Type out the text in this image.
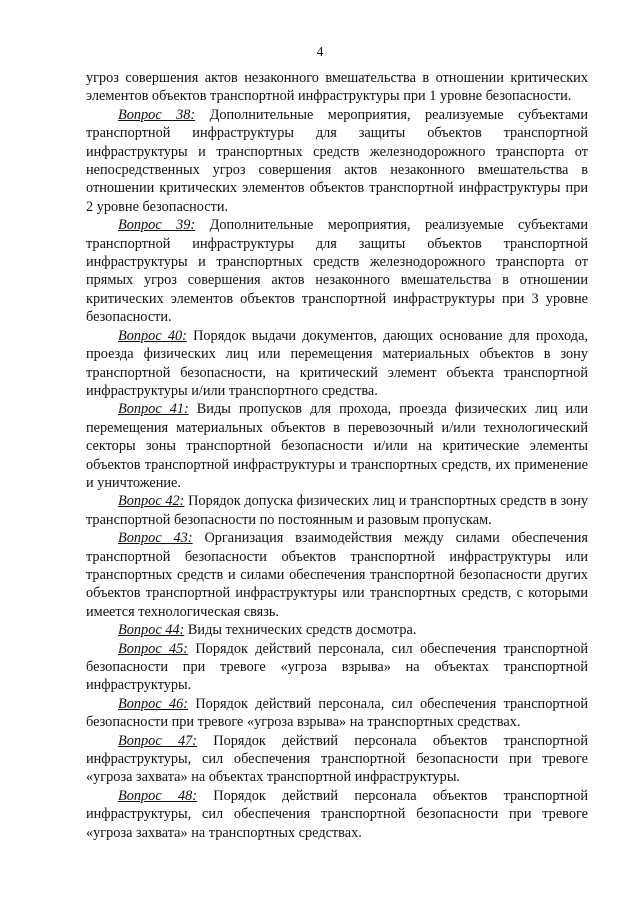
4

угроз совершения актов незаконного вмешательства в отношении критических элементов объектов транспортной инфраструктуры при 1 уровне безопасности.

Вопрос 38: Дополнительные мероприятия, реализуемые субъектами транспортной инфраструктуры для защиты объектов транспортной инфраструктуры и транспортных средств железнодорожного транспорта от непосредственных угроз совершения актов незаконного вмешательства в отношении критических элементов объектов транспортной инфраструктуры при 2 уровне безопасности.

Вопрос 39: Дополнительные мероприятия, реализуемые субъектами транспортной инфраструктуры для защиты объектов транспортной инфраструктуры и транспортных средств железнодорожного транспорта от прямых угроз совершения актов незаконного вмешательства в отношении критических элементов объектов транспортной инфраструктуры при 3 уровне безопасности.

Вопрос 40: Порядок выдачи документов, дающих основание для прохода, проезда физических лиц или перемещения материальных объектов в зону транспортной безопасности, на критический элемент объекта транспортной инфраструктуры и/или транспортного средства.

Вопрос 41: Виды пропусков для прохода, проезда физических лиц или перемещения материальных объектов в перевозочный и/или технологический секторы зоны транспортной безопасности и/или на критические элементы объектов транспортной инфраструктуры и транспортных средств, их применение и уничтожение.

Вопрос 42: Порядок допуска физических лиц и транспортных средств в зону транспортной безопасности по постоянным и разовым пропускам.

Вопрос 43: Организация взаимодействия между силами обеспечения транспортной безопасности объектов транспортной инфраструктуры или транспортных средств и силами обеспечения транспортной безопасности других объектов транспортной инфраструктуры или транспортных средств, с которыми имеется технологическая связь.

Вопрос 44: Виды технических средств досмотра.

Вопрос 45: Порядок действий персонала, сил обеспечения транспортной безопасности при тревоге «угроза взрыва» на объектах транспортной инфраструктуры.

Вопрос 46: Порядок действий персонала, сил обеспечения транспортной безопасности при тревоге «угроза взрыва» на транспортных средствах.

Вопрос 47: Порядок действий персонала объектов транспортной инфраструктуры, сил обеспечения транспортной безопасности при тревоге «угроза захвата» на объектах транспортной инфраструктуры.

Вопрос 48: Порядок действий персонала объектов транспортной инфраструктуры, сил обеспечения транспортной безопасности при тревоге «угроза захвата» на транспортных средствах.
